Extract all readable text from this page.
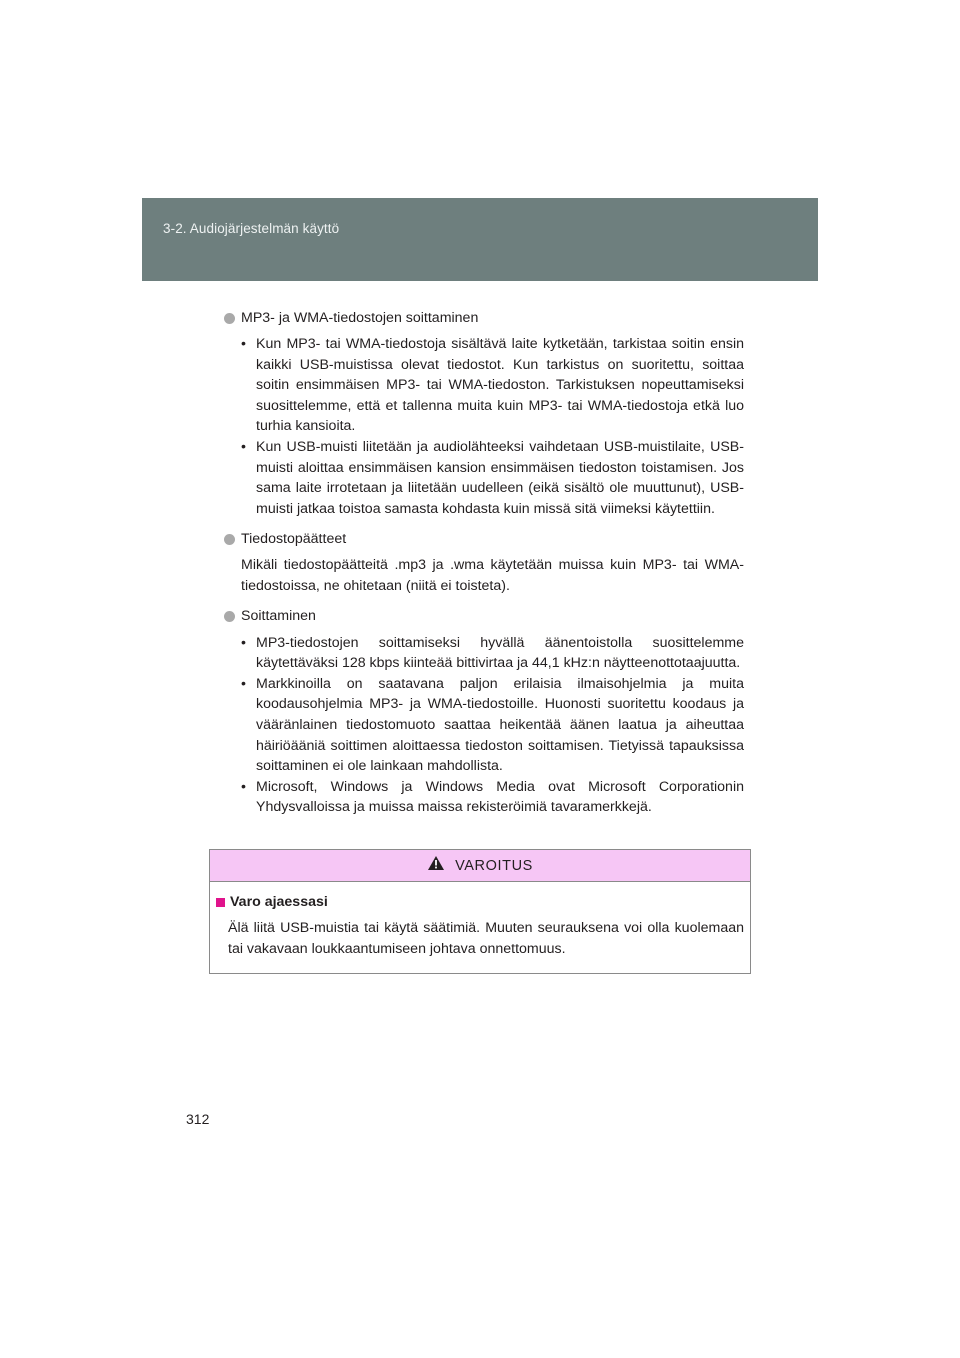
3-2. Audiojärjestelmän käyttö
MP3- ja WMA-tiedostojen soittaminen
• Kun MP3- tai WMA-tiedostoja sisältävä laite kytketään, tarkistaa soitin ensin kaikki USB-muistissa olevat tiedostot. Kun tarkistus on suoritettu, soittaa soitin ensimmäisen MP3- tai WMA-tiedoston. Tarkistuksen nopeuttamiseksi suosittelemme, että et tallenna muita kuin MP3- tai WMA-tiedostoja etkä luo turhia kansioita.
• Kun USB-muisti liitetään ja audiolähteeksi vaihdetaan USB-muistilaite, USB-muisti aloittaa ensimmäisen kansion ensimmäisen tiedoston toistamisen. Jos sama laite irrotetaan ja liitetään uudelleen (eikä sisältö ole muuttunut), USB-muisti jatkaa toistoa samasta kohdasta kuin missä sitä viimeksi käytettiin.
Tiedostopäätteet
Mikäli tiedostopäätteitä .mp3 ja .wma käytetään muissa kuin MP3- tai WMA-tiedostoissa, ne ohitetaan (niitä ei toisteta).
Soittaminen
• MP3-tiedostojen soittamiseksi hyvällä äänentoistolla suosittelemme käytettäväksi 128 kbps kiinteää bittivirtaa ja 44,1 kHz:n näytteenottotaajuutta.
• Markkinoilla on saatavana paljon erilaisia ilmaisohjelmia ja muita koodausohjelmia MP3- ja WMA-tiedostoille. Huonosti suoritettu koodaus ja vääränlainen tiedostomuoto saattaa heikentää äänen laatua ja aiheuttaa häiriöääniä soittimen aloittaessa tiedoston soittamisen. Tietyissä tapauksissa soittaminen ei ole lainkaan mahdollista.
• Microsoft, Windows ja Windows Media ovat Microsoft Corporationin Yhdysvalloissa ja muissa maissa rekisteröimiä tavaramerkkejä.
VAROITUS
Varo ajaessasi
Älä liitä USB-muistia tai käytä säätimiä. Muuten seurauksena voi olla kuolemaan tai vakavaan loukkaantumiseen johtava onnettomuus.
312
